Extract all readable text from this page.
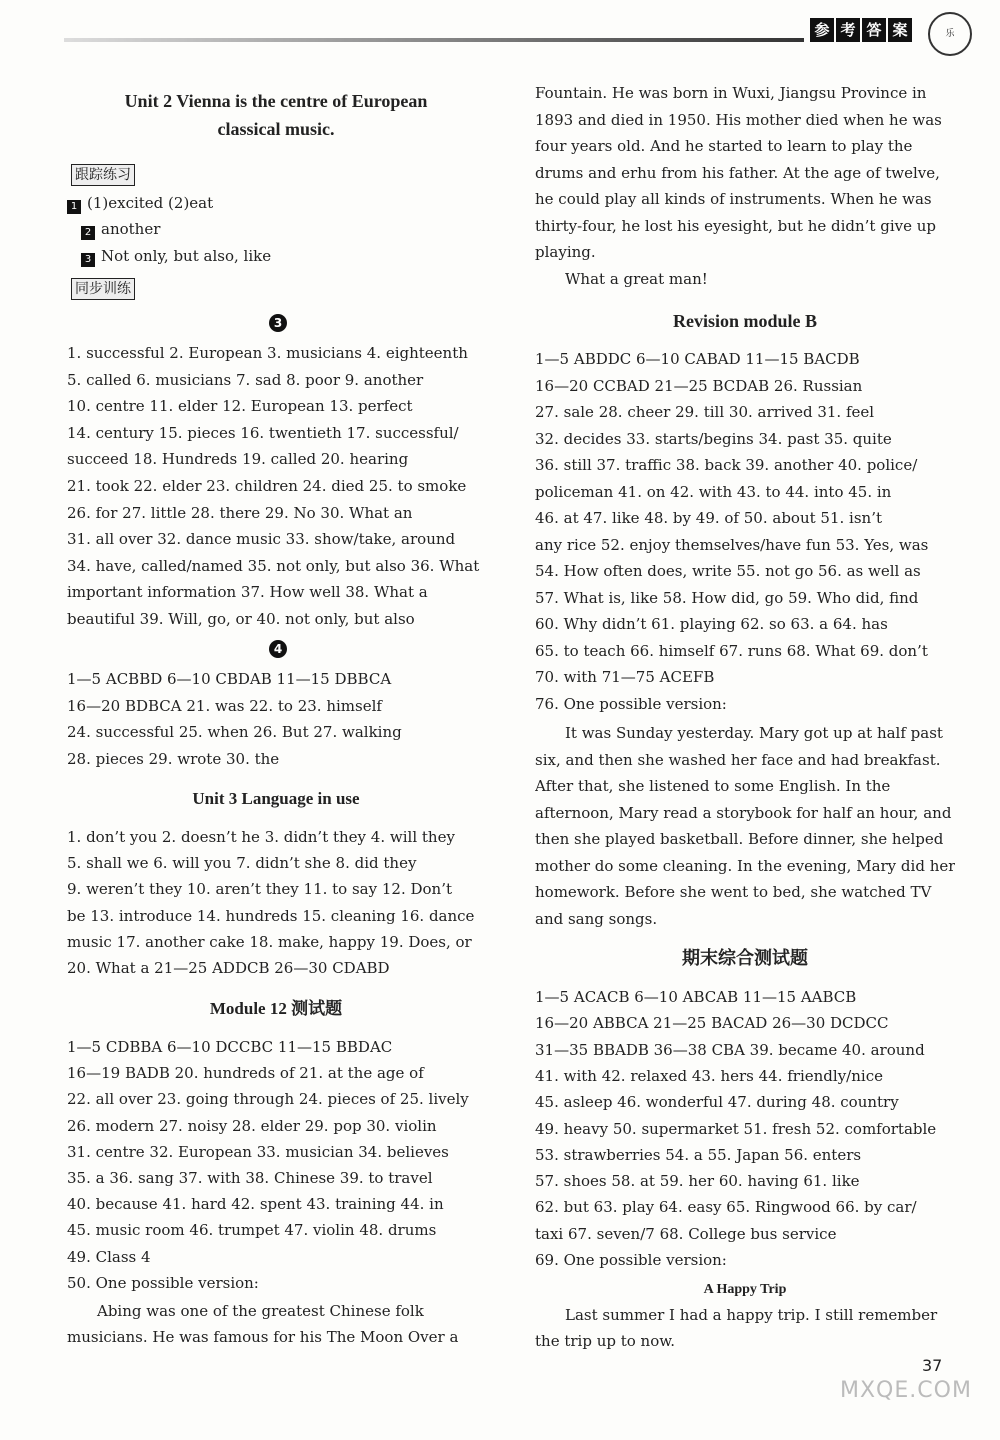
参 考 答 案	乐
Unit 2 Vienna is the centre of European
classical music.
跟踪练习
1 (1)excited (2)eat
2 another
3 Not only, but also, like
同步训练
3
1. successful 2. European 3. musicians 4. eighteenth
5. called 6. musicians 7. sad 8. poor 9. another
10. centre 11. elder 12. European 13. perfect
14. century 15. pieces 16. twentieth 17. successful/
succeed 18. Hundreds 19. called 20. hearing
21. took 22. elder 23. children 24. died 25. to smoke
26. for 27. little 28. there 29. No 30. What an
31. all over 32. dance music 33. show/take, around
34. have, called/named 35. not only, but also 36. What
important information 37. How well 38. What a
beautiful 39. Will, go, or 40. not only, but also
4
1—5 ACBBD 6—10 CBDAB 11—15 DBBCA
16—20 BDBCA 21. was 22. to 23. himself
24. successful 25. when 26. But 27. walking
28. pieces 29. wrote 30. the
Unit 3 Language in use
1. don’t you 2. doesn’t he 3. didn’t they 4. will they
5. shall we 6. will you 7. didn’t she 8. did they
9. weren’t they 10. aren’t they 11. to say 12. Don’t
be 13. introduce 14. hundreds 15. cleaning 16. dance
music 17. another cake 18. make, happy 19. Does, or
20. What a 21—25 ADDCB 26—30 CDABD
Module 12 测试题
1—5 CDBBA 6—10 DCCBC 11—15 BBDAC
16—19 BADB 20. hundreds of 21. at the age of
22. all over 23. going through 24. pieces of 25. lively
26. modern 27. noisy 28. elder 29. pop 30. violin
31. centre 32. European 33. musician 34. believes
35. a 36. sang 37. with 38. Chinese 39. to travel
40. because 41. hard 42. spent 43. training 44. in
45. music room 46. trumpet 47. violin 48. drums
49. Class 4
50. One possible version:
Abing was one of the greatest Chinese folk
musicians. He was famous for his The Moon Over a
Fountain. He was born in Wuxi, Jiangsu Province in
1893 and died in 1950. His mother died when he was
four years old. And he started to learn to play the
drums and erhu from his father. At the age of twelve,
he could play all kinds of instruments. When he was
thirty-four, he lost his eyesight, but he didn’t give up
playing.
What a great man!
Revision module B
1—5 ABDDC 6—10 CABAD 11—15 BACDB
16—20 CCBAD 21—25 BCDAB 26. Russian
27. sale 28. cheer 29. till 30. arrived 31. feel
32. decides 33. starts/begins 34. past 35. quite
36. still 37. traffic 38. back 39. another 40. police/
policeman 41. on 42. with 43. to 44. into 45. in
46. at 47. like 48. by 49. of 50. about 51. isn’t
any rice 52. enjoy themselves/have fun 53. Yes, was
54. How often does, write 55. not go 56. as well as
57. What is, like 58. How did, go 59. Who did, find
60. Why didn’t 61. playing 62. so 63. a 64. has
65. to teach 66. himself 67. runs 68. What 69. don’t
70. with 71—75 ACEFB
76. One possible version:
It was Sunday yesterday. Mary got up at half past
six, and then she washed her face and had breakfast.
After that, she listened to some English. In the
afternoon, Mary read a storybook for half an hour, and
then she played basketball. Before dinner, she helped
mother do some cleaning. In the evening, Mary did her
homework. Before she went to bed, she watched TV
and sang songs.
期末综合测试题
1—5 ACACB 6—10 ABCAB 11—15 AABCB
16—20 ABBCA 21—25 BACAD 26—30 DCDCC
31—35 BBADB 36—38 CBA 39. became 40. around
41. with 42. relaxed 43. hers 44. friendly/nice
45. asleep 46. wonderful 47. during 48. country
49. heavy 50. supermarket 51. fresh 52. comfortable
53. strawberries 54. a 55. Japan 56. enters
57. shoes 58. at 59. her 60. having 61. like
62. but 63. play 64. easy 65. Ringwood 66. by car/
taxi 67. seven/7 68. College bus service
69. One possible version:
A Happy Trip
Last summer I had a happy trip. I still remember
the trip up to now.
37
MXQE.COM
